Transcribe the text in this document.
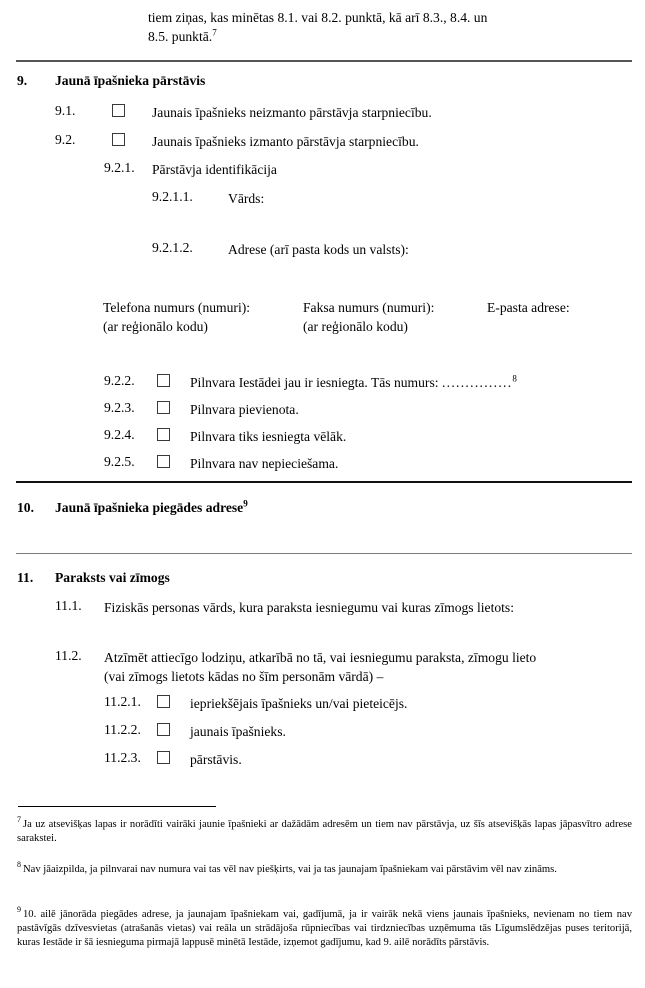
tiem ziņas, kas minētas 8.1. vai 8.2. punktā, kā arī 8.3., 8.4. un
8.5. punktā.$^7$
9. Jaunā īpašnieka pārstāvis
9.1.	Jaunais īpašnieks neizmanto pārstāvja starpniecību.
9.2.	Jaunais īpašnieks izmanto pārstāvja starpniecību.
9.2.1. Pārstāvja identifikācija
9.2.1.1.	Vārds:
9.2.1.2.	Adrese (arī pasta kods un valsts):
Telefona numurs (numuri):
(ar reģionālo kodu)
Faksa numurs (numuri):
(ar reģionālo kodu)
E-pasta adrese:
9.2.2.	Pilnvara Iestādei jau ir iesniegta. Tās numurs: ...............$^8$
9.2.3.	Pilnvara pievienota.
9.2.4.	Pilnvara tiks iesniegta vēlāk.
9.2.5.	Pilnvara nav nepieciešama.
10. Jaunā īpašnieka piegādes adrese$^9$
11. Paraksts vai zīmogs
11.1. Fiziskās personas vārds, kura paraksta iesniegumu vai kuras zīmogs lietots:
11.2. Atzīmēt attiecīgo lodziņu, atkarībā no tā, vai iesniegumu paraksta, zīmogu lieto
(vai zīmogs lietots kādas no šīm personām vārdā) –
11.2.1.	iepriekšējais īpašnieks un/vai pieteicējs.
11.2.2.	jaunais īpašnieks.
11.2.3.	pārstāvis.
$^7$ Ja uz atsevišķas lapas ir norādīti vairāki jaunie īpašnieki ar dažādām adresēm un tiem nav pārstāvja, uz šīs atsevišķās lapas jāpasvītro adrese sarakstei.
$^8$ Nav jāaizpilda, ja pilnvarai nav numura vai tas vēl nav piešķirts, vai ja tas jaunajam īpašniekam vai pārstāvim vēl nav zināms.
$^9$ 10. ailē jānorāda piegādes adrese, ja jaunajam īpašniekam vai, gadījumā, ja ir vairāk nekā viens jaunais īpašnieks, nevienam no tiem nav pastāvīgās dzīvesvietas (atrašanās vietas) vai reāla un strādājoša rūpniecības vai tirdzniecības uzņēmuma tās Līgumslēdzējas puses teritorijā, kuras Iestāde ir šā iesnieguma pirmajā lappusē minētā Iestāde, izņemot gadījumu, kad 9. ailē norādīts pārstāvis.
